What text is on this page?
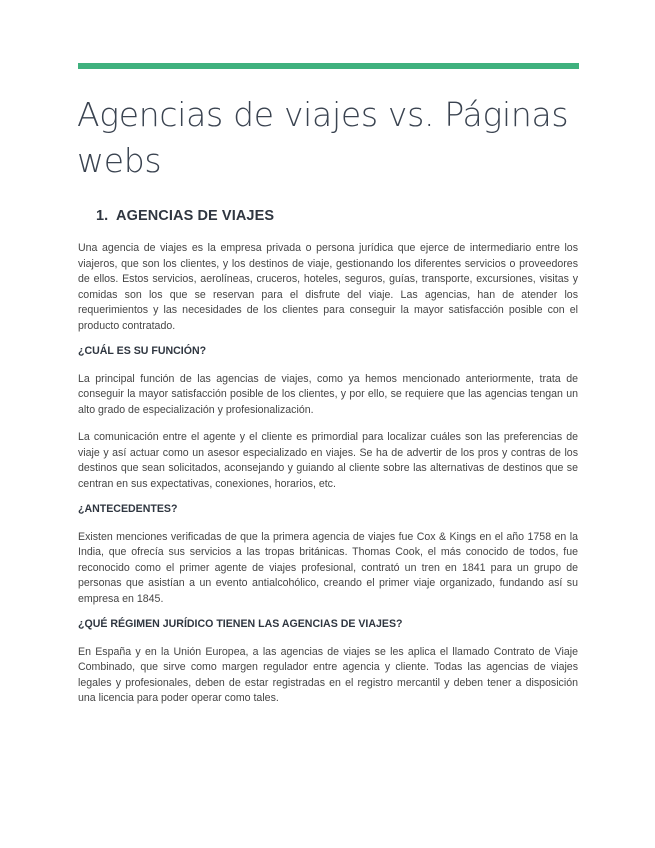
Agencias de viajes vs. Páginas webs
1. AGENCIAS DE VIAJES

Una agencia de viajes es la empresa privada o persona jurídica que ejerce de intermediario entre los viajeros, que son los clientes, y los destinos de viaje, gestionando los diferentes servicios o proveedores de ellos. Estos servicios, aerolíneas, cruceros, hoteles, seguros, guías, transporte, excursiones, visitas y comidas son los que se reservan para el disfrute del viaje. Las agencias, han de atender los requerimientos y las necesidades de los clientes para conseguir la mayor satisfacción posible con el producto contratado.

¿CUÁL ES SU FUNCIÓN?

La principal función de las agencias de viajes, como ya hemos mencionado anteriormente, trata de conseguir la mayor satisfacción posible de los clientes, y por ello, se requiere que las agencias tengan un alto grado de especialización y profesionalización.

La comunicación entre el agente y el cliente es primordial para localizar cuáles son las preferencias de viaje y así actuar como un asesor especializado en viajes. Se ha de advertir de los pros y contras de los destinos que sean solicitados, aconsejando y guiando al cliente sobre las alternativas de destinos que se centran en sus expectativas, conexiones, horarios, etc.

¿ANTECEDENTES?

Existen menciones verificadas de que la primera agencia de viajes fue Cox & Kings en el año 1758 en la India, que ofrecía sus servicios a las tropas británicas. Thomas Cook, el más conocido de todos, fue reconocido como el primer agente de viajes profesional, contrató un tren en 1841 para un grupo de personas que asistían a un evento antialcohólico, creando el primer viaje organizado, fundando así su empresa en 1845.

¿QUÉ RÉGIMEN JURÍDICO TIENEN LAS AGENCIAS DE VIAJES?

En España y en la Unión Europea, a las agencias de viajes se les aplica el llamado Contrato de Viaje Combinado, que sirve como margen regulador entre agencia y cliente. Todas las agencias de viajes legales y profesionales, deben de estar registradas en el registro mercantil y deben tener a disposición una licencia para poder operar como tales.
